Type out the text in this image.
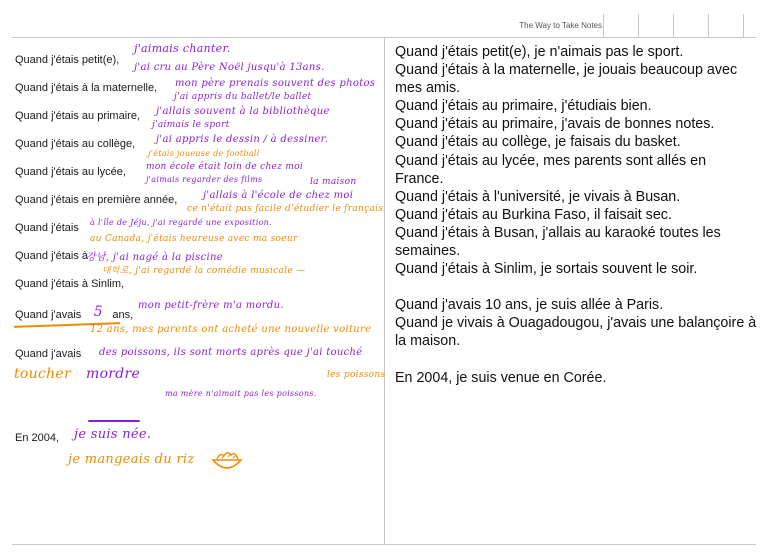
The Way to Take Notes
Quand j'étais petit(e),
Quand j'étais à la maternelle,
Quand j'étais au primaire,
Quand j'étais au collège,
Quand j'étais au lycée,
Quand j'étais en première année,
Quand j'étais
Quand j'étais à
Quand j'étais à Sinlim,
Quand j'avais 5 ans,
Quand j'avais
En 2004,
j'aimais chanter.
j'ai cru au Père Noël jusqu'à 13ans.
mon père prenais souvent des photos
j'ai appris du ballet/le ballet
j'allais souvent à la bibliothèque
j'aimais le sport
j'ai appris le dessin / à dessiner.
j'étais joueuse de football
mon école était loin de chez moi
j'aimais regarder des films	la maison
j'allais à l'école de chez moi
ce n'était pas facile d'étudier le français
à l'île de Jéju, j'ai regardé une exposition.
au Canada, j'étais heureuse avec ma soeur
강남, j'ai nagé à la piscine
대학로, j'ai regardé la comédie musicale —
mon petit-frère m'a mordu.
12 ans, mes parents ont acheté une nouvelle voiture
des poissons, ils sont morts après que j'ai touché
toucher mordre	les poissons
ma mère n'aimait pas les poissons.
je suis née.
je mangeais du riz

Quand j'étais petit(e), je n'aimais pas le sport.

Quand j'étais à la maternelle, je jouais beaucoup avec mes amis.

Quand j'étais au primaire, j'étudiais bien.

Quand j'étais au primaire, j'avais de bonnes notes.

Quand j'étais au collège, je faisais du basket.

Quand j'étais au lycée, mes parents sont allés en France.

Quand j'étais à l'université, je vivais à Busan.

Quand j'étais au Burkina Faso, il faisait sec.

Quand j'étais à Busan, j'allais au karaoké toutes les semaines.

Quand j'étais à Sinlim, je sortais souvent le soir.

Quand j'avais 10 ans, je suis allée à Paris.

Quand je vivais à Ouagadougou, j'avais une balançoire à la maison.

En 2004, je suis venue en Corée.
